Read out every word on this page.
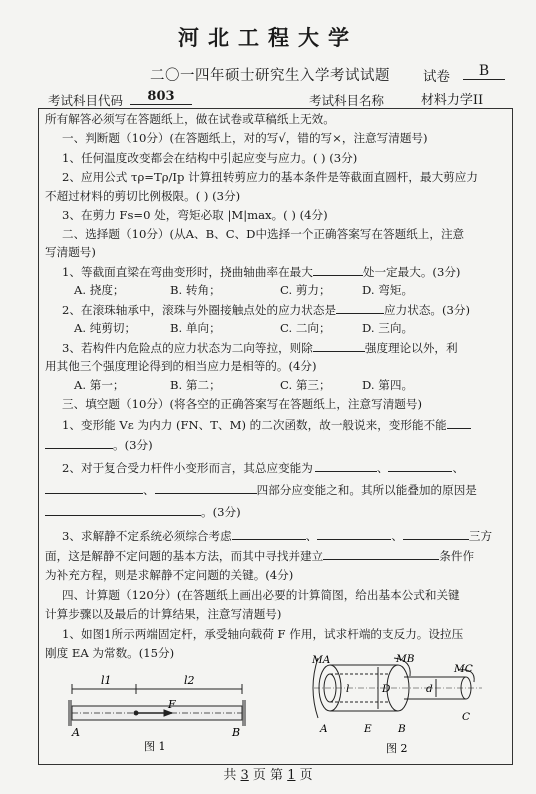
河北工程大学
二〇一四年硕士研究生入学考试试题 试卷	B
考试科目代码	803	考试科目名称	材料力学II
所有解答必须写在答题纸上，做在试卷或草稿纸上无效。
一、判断题（10分）(在答题纸上，对的写√，错的写×，注意写清题号)
1、任何温度改变都会在结构中引起应变与应力。( ) (3分)
2、应用公式 τρ=Tρ/Ip 计算扭转剪应力的基本条件是等截面直圆杆，最大剪应力
不超过材料的剪切比例极限。( ) (3分)
3、在剪力 Fs=0 处，弯矩必取 |M|max。( ) (4分)
二、选择题（10分）(从A、B、C、D中选择一个正确答案写在答题纸上，注意
写清题号)
1、等截面直梁在弯曲变形时，挠曲轴曲率在最大	处一定最大。(3分)
A. 挠度；	B. 转角；	C. 剪力；	D. 弯矩。
2、在滚珠轴承中，滚珠与外圈接触点处的应力状态是	应力状态。(3分)
A. 纯剪切；	B. 单向；	C. 二向；	D. 三向。
3、若构件内危险点的应力状态为二向等拉，则除	强度理论以外，利
用其他三个强度理论得到的相当应力是相等的。(4分)
A. 第一；	B. 第二；	C. 第三；	D. 第四。
三、填空题（10分）(将各空的正确答案写在答题纸上，注意写清题号)
1、变形能 Vε 为内力 (FN、T、M) 的二次函数，故一般说来，变形能不能
。(3分)
2、对于复合受力杆件小变形而言，其总应变能为	、	、
、	四部分应变能之和。其所以能叠加的原因是
。(3分)
3、求解静不定系统必须综合考虑	、	、	三方
面，这是解静不定问题的基本方法，而其中寻找并建立	条件作
为补充方程，则是求解静不定问题的关键。(4分)
四、计算题（120分）(在答题纸上画出必要的计算简图，给出基本公式和关键
计算步骤以及最后的计算结果，注意写清题号)
1、如图1所示两端固定杆，承受轴向载荷 F 作用，试求杆端的支反力。设拉压
刚度 EA 为常数。(15分)
l1	l2
F
A	B
图 1
MA	MB
MC
D	d
l
A	E	B
C
图 2
共 3 页 第 1 页
